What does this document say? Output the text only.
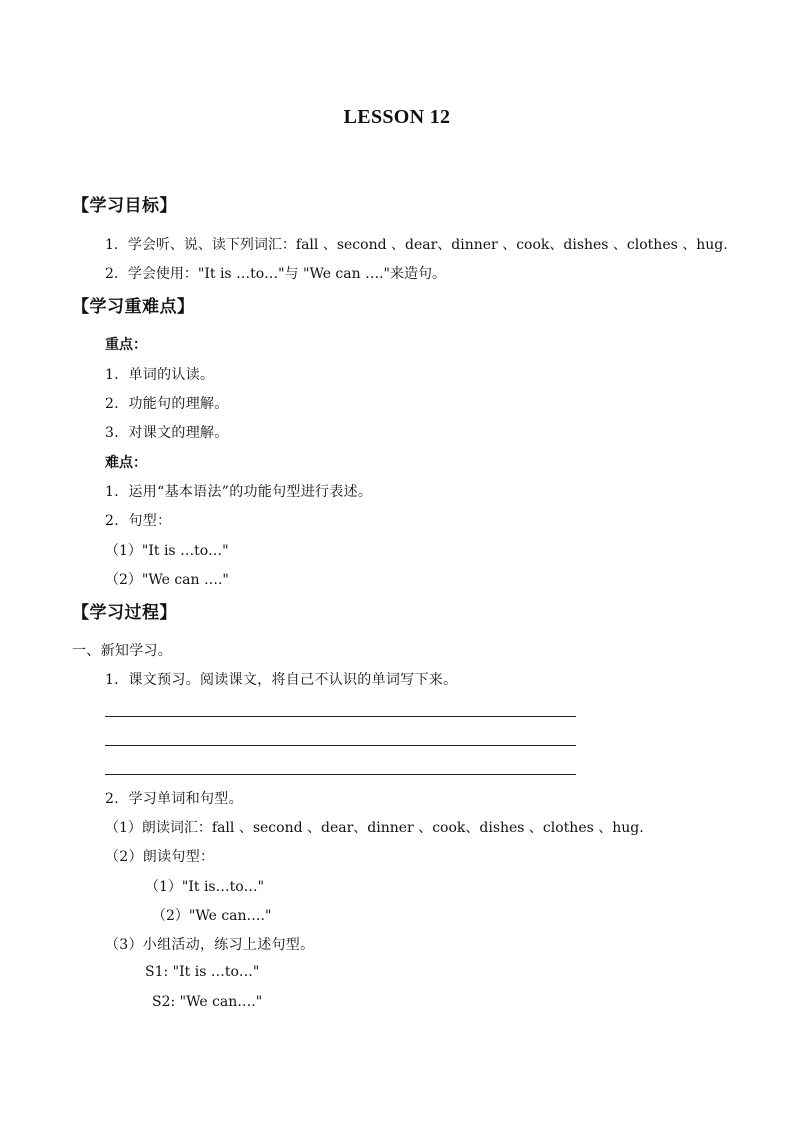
LESSON 12
【学习目标】
1．学会听、说、读下列词汇：fall 、second 、dear、dinner 、cook、dishes 、clothes 、hug.
2．学会使用："It is …to…"与 "We can …."来造句。
【学习重难点】
重点：
1．单词的认读。
2．功能句的理解。
3．对课文的理解。
难点：
1．运用“基本语法”的功能句型进行表述。
2．句型：
（1）"It is …to…"
（2）"We can …."
【学习过程】
一、新知学习。
1．课文预习。阅读课文，将自己不认识的单词写下来。
2．学习单词和句型。
（1）朗读词汇：fall 、second 、dear、dinner 、cook、dishes 、clothes 、hug.
（2）朗读句型：
（1）"It is…to…"
（2）"We can…."
（3）小组活动，练习上述句型。
S1: "It is …to…"
S2: "We can…."
